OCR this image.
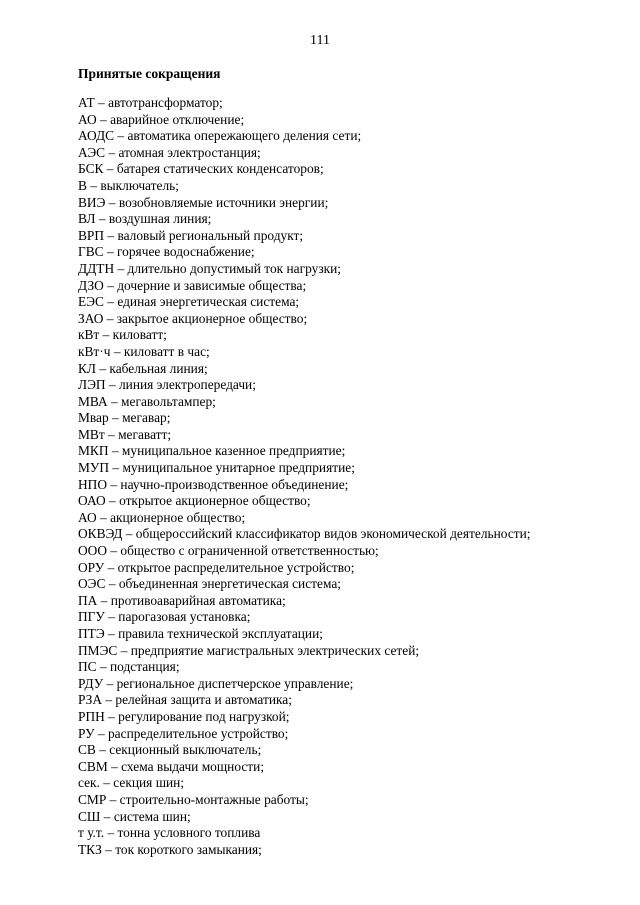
111
Принятые сокращения
АТ – автотрансформатор;
АО – аварийное отключение;
АОДС – автоматика опережающего деления сети;
АЭС – атомная электростанция;
БСК – батарея статических конденсаторов;
В – выключатель;
ВИЭ – возобновляемые источники энергии;
ВЛ – воздушная линия;
ВРП – валовый региональный продукт;
ГВС – горячее водоснабжение;
ДДТН – длительно допустимый ток нагрузки;
ДЗО – дочерние и зависимые общества;
ЕЭС – единая энергетическая система;
ЗАО – закрытое акционерное общество;
кВт – киловатт;
кВт·ч – киловатт в час;
КЛ – кабельная линия;
ЛЭП – линия электропередачи;
МВА – мегавольтампер;
Мвар – мегавар;
МВт – мегаватт;
МКП – муниципальное казенное предприятие;
МУП – муниципальное унитарное предприятие;
НПО – научно-производственное объединение;
ОАО – открытое акционерное общество;
АО – акционерное общество;
ОКВЭД – общероссийский классификатор видов экономической деятельности;
ООО – общество с ограниченной ответственностью;
ОРУ – открытое распределительное устройство;
ОЭС – объединенная энергетическая система;
ПА – противоаварийная автоматика;
ПГУ – парогазовая установка;
ПТЭ – правила технической эксплуатации;
ПМЭС – предприятие магистральных электрических сетей;
ПС – подстанция;
РДУ – региональное диспетчерское управление;
РЗА – релейная защита и автоматика;
РПН – регулирование под нагрузкой;
РУ – распределительное устройство;
СВ – секционный выключатель;
СВМ – схема выдачи мощности;
сек. – секция шин;
СМР – строительно-монтажные работы;
СШ – система шин;
т у.т. – тонна условного топлива
ТКЗ – ток короткого замыкания;
